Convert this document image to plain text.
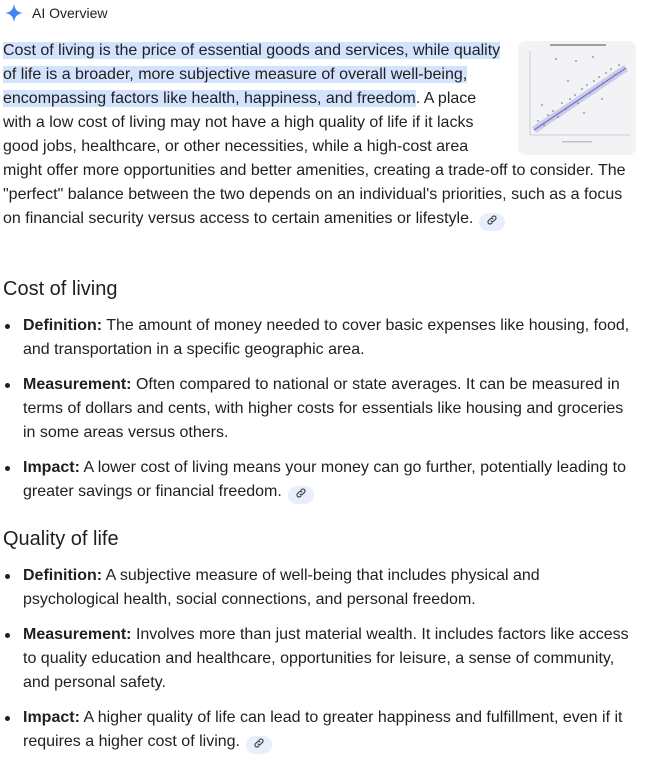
AI Overview
Cost of living is the price of essential goods and services, while quality of life is a broader, more subjective measure of overall well-being, encompassing factors like health, happiness, and freedom. A place with a low cost of living may not have a high quality of life if it lacks good jobs, healthcare, or other necessities, while a high-cost area might offer more opportunities and better amenities, creating a trade-off to consider. The "perfect" balance between the two depends on an individual's priorities, such as a focus on financial security versus access to certain amenities or lifestyle.
Cost of living
Definition: The amount of money needed to cover basic expenses like housing, food, and transportation in a specific geographic area.
Measurement: Often compared to national or state averages. It can be measured in terms of dollars and cents, with higher costs for essentials like housing and groceries in some areas versus others.
Impact: A lower cost of living means your money can go further, potentially leading to greater savings or financial freedom.
Quality of life
Definition: A subjective measure of well-being that includes physical and psychological health, social connections, and personal freedom.
Measurement: Involves more than just material wealth. It includes factors like access to quality education and healthcare, opportunities for leisure, a sense of community, and personal safety.
Impact: A higher quality of life can lead to greater happiness and fulfillment, even if it requires a higher cost of living.
